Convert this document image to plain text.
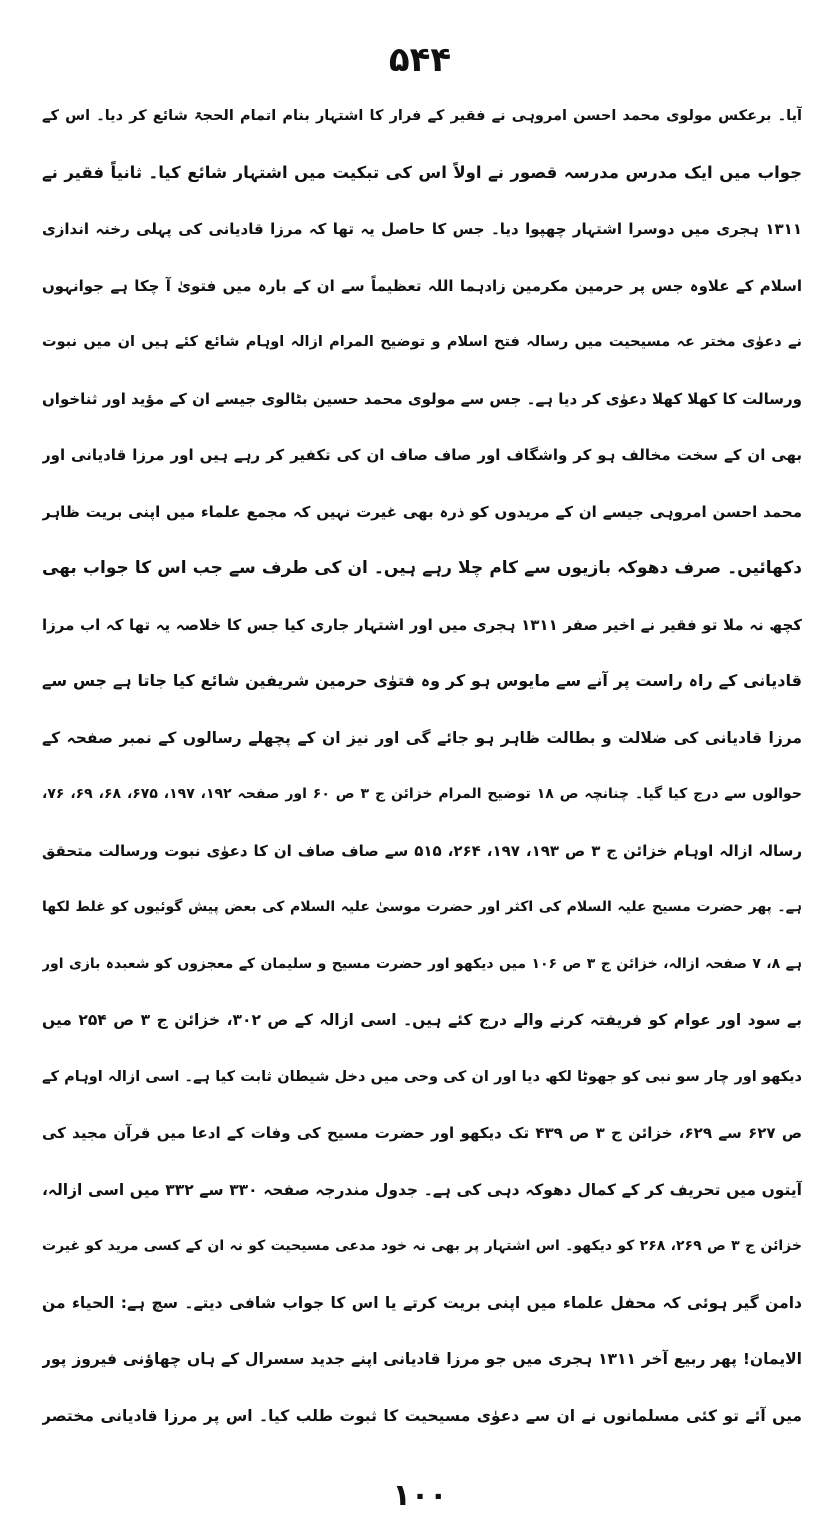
۵۴۴
آیا۔ برعکس مولوی محمد احسن امروہی نے فقیر کے فرار کا اشتہار بنام اتمام الحجۃ شائع کر دیا۔ اس کے
جواب میں ایک مدرس مدرسہ قصور نے اولاً اس کی تبکیت میں اشتہار شائع کیا۔ ثانیاً فقیر نے
۱۳۱۱ ہجری میں دوسرا اشتہار چھپوا دیا۔ جس کا حاصل یہ تھا کہ مرزا قادیانی کی پہلی رخنہ اندازی
اسلام کے علاوہ جس پر حرمین مکرمین زادہما اللہ تعظیماً سے ان کے بارہ میں فتویٰ آ چکا ہے جوانہوں
نے دعوٰی مختر عہ مسیحیت میں رسالہ فتح اسلام و توضیح المرام ازالہ اوہام شائع کئے ہیں ان میں نبوت
ورسالت کا کھلا کھلا دعوٰی کر دیا ہے۔ جس سے مولوی محمد حسین بٹالوی جیسے ان کے مؤید اور ثناخواں
بھی ان کے سخت مخالف ہو کر واشگاف اور صاف صاف ان کی تکفیر کر رہے ہیں اور مرزا قادیانی اور
محمد احسن امروہی جیسے ان کے مریدوں کو ذرہ بھی غیرت نہیں کہ مجمع علماء میں اپنی بریت ظاہر
دکھائیں۔ صرف دھوکہ بازیوں سے کام چلا رہے ہیں۔ ان کی طرف سے جب اس کا جواب بھی
کچھ نہ ملا تو فقیر نے اخیر صفر ۱۳۱۱ ہجری میں اور اشتہار جاری کیا جس کا خلاصہ یہ تھا کہ اب مرزا
قادیانی کے راہ راست پر آنے سے مایوس ہو کر وہ فتوٰی حرمین شریفین شائع کیا جاتا ہے جس سے
مرزا قادیانی کی ضلالت و بطالت ظاہر ہو جائے گی اور نیز ان کے پچھلے رسالوں کے نمبر صفحہ کے
حوالوں سے درج کیا گیا۔ چنانچہ ص ۱۸ توضیح المرام خزائن ج ۳ ص ۶۰ اور صفحہ ۱۹۲، ۱۹۷، ۶۷۵، ۶۸، ۶۹، ۷۶،
رسالہ ازالہ اوہام خزائن ج ۳ ص ۱۹۳، ۱۹۷، ۲۶۴، ۵۱۵ سے صاف صاف ان کا دعوٰی نبوت ورسالت متحقق
ہے۔ پھر حضرت مسیح علیہ السلام کی اکثر اور حضرت موسیٰ علیہ السلام کی بعض پیش گوئیوں کو غلط لکھا
ہے ۸، ۷ صفحہ ازالہ، خزائن ج ۳ ص ۱۰۶ میں دیکھو اور حضرت مسیح و سلیمان کے معجزوں کو شعبدہ بازی اور
بے سود اور عوام کو فریفتہ کرنے والے درج کئے ہیں۔ اسی ازالہ کے ص ۳۰۲، خزائن ج ۳ ص ۲۵۴ میں
دیکھو اور چار سو نبی کو جھوٹا لکھ دیا اور ان کی وحی میں دخل شیطان ثابت کیا ہے۔ اسی ازالہ اوہام کے
ص ۶۲۷ سے ۶۲۹، خزائن ج ۳ ص ۴۳۹ تک دیکھو اور حضرت مسیح کی وفات کے ادعا میں قرآن مجید کی
آیتوں میں تحریف کر کے کمال دھوکہ دہی کی ہے۔ جدول مندرجہ صفحہ ۳۳۰ سے ۳۳۲ میں اسی ازالہ،
خزائن ج ۳ ص ۲۶۹، ۲۶۸ کو دیکھو۔ اس اشتہار پر بھی نہ خود مدعی مسیحیت کو نہ ان کے کسی مرید کو غیرت
دامن گیر ہوئی کہ محفل علماء میں اپنی بریت کرتے یا اس کا جواب شافی دیتے۔ سچ ہے: الحیاء من
الایمان! پھر ربیع آخر ۱۳۱۱ ہجری میں جو مرزا قادیانی اپنے جدید سسرال کے ہاں چھاؤنی فیروز پور
میں آئے تو کئی مسلمانوں نے ان سے دعوٰی مسیحیت کا ثبوت طلب کیا۔ اس پر مرزا قادیانی مختصر
۱۰۰
